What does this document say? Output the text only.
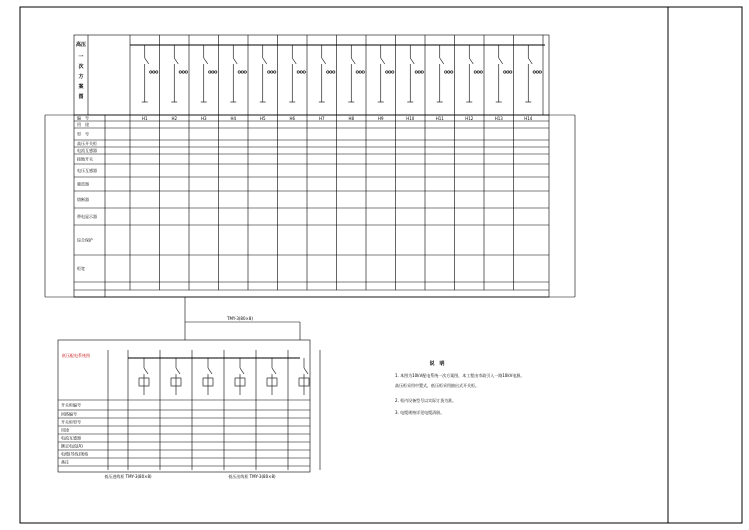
高压
一
次
方
案
图
H1	H2	H3	H4	H5	H6	H7	H8	H9	H10	H11	H12	H13	H14
编　号
用　途
型　号
高压开关柜
电流互感器
接地开关
电压互感器
避雷器
熔断器
带电显示器
综合保护
柜宽
TMY-3(80×8)
低压配电系统图
开关柜编号
回路编号
开关柜型号
用途
电流互感器
额定电流(A)
电缆(导线)规格
备注
低压进线柜 TMY-3(80×8)	低压出线柜 TMY-3(80×8)
说　明
1. 本图为10kV配电系统一次方案图，本工程由市政引入一路10kV电源。
高压柜采用中置式，低压柜采用抽出式开关柜。
2. 柜内设备型号以实际订货为准。
3. 电缆规格详见电缆清册。
